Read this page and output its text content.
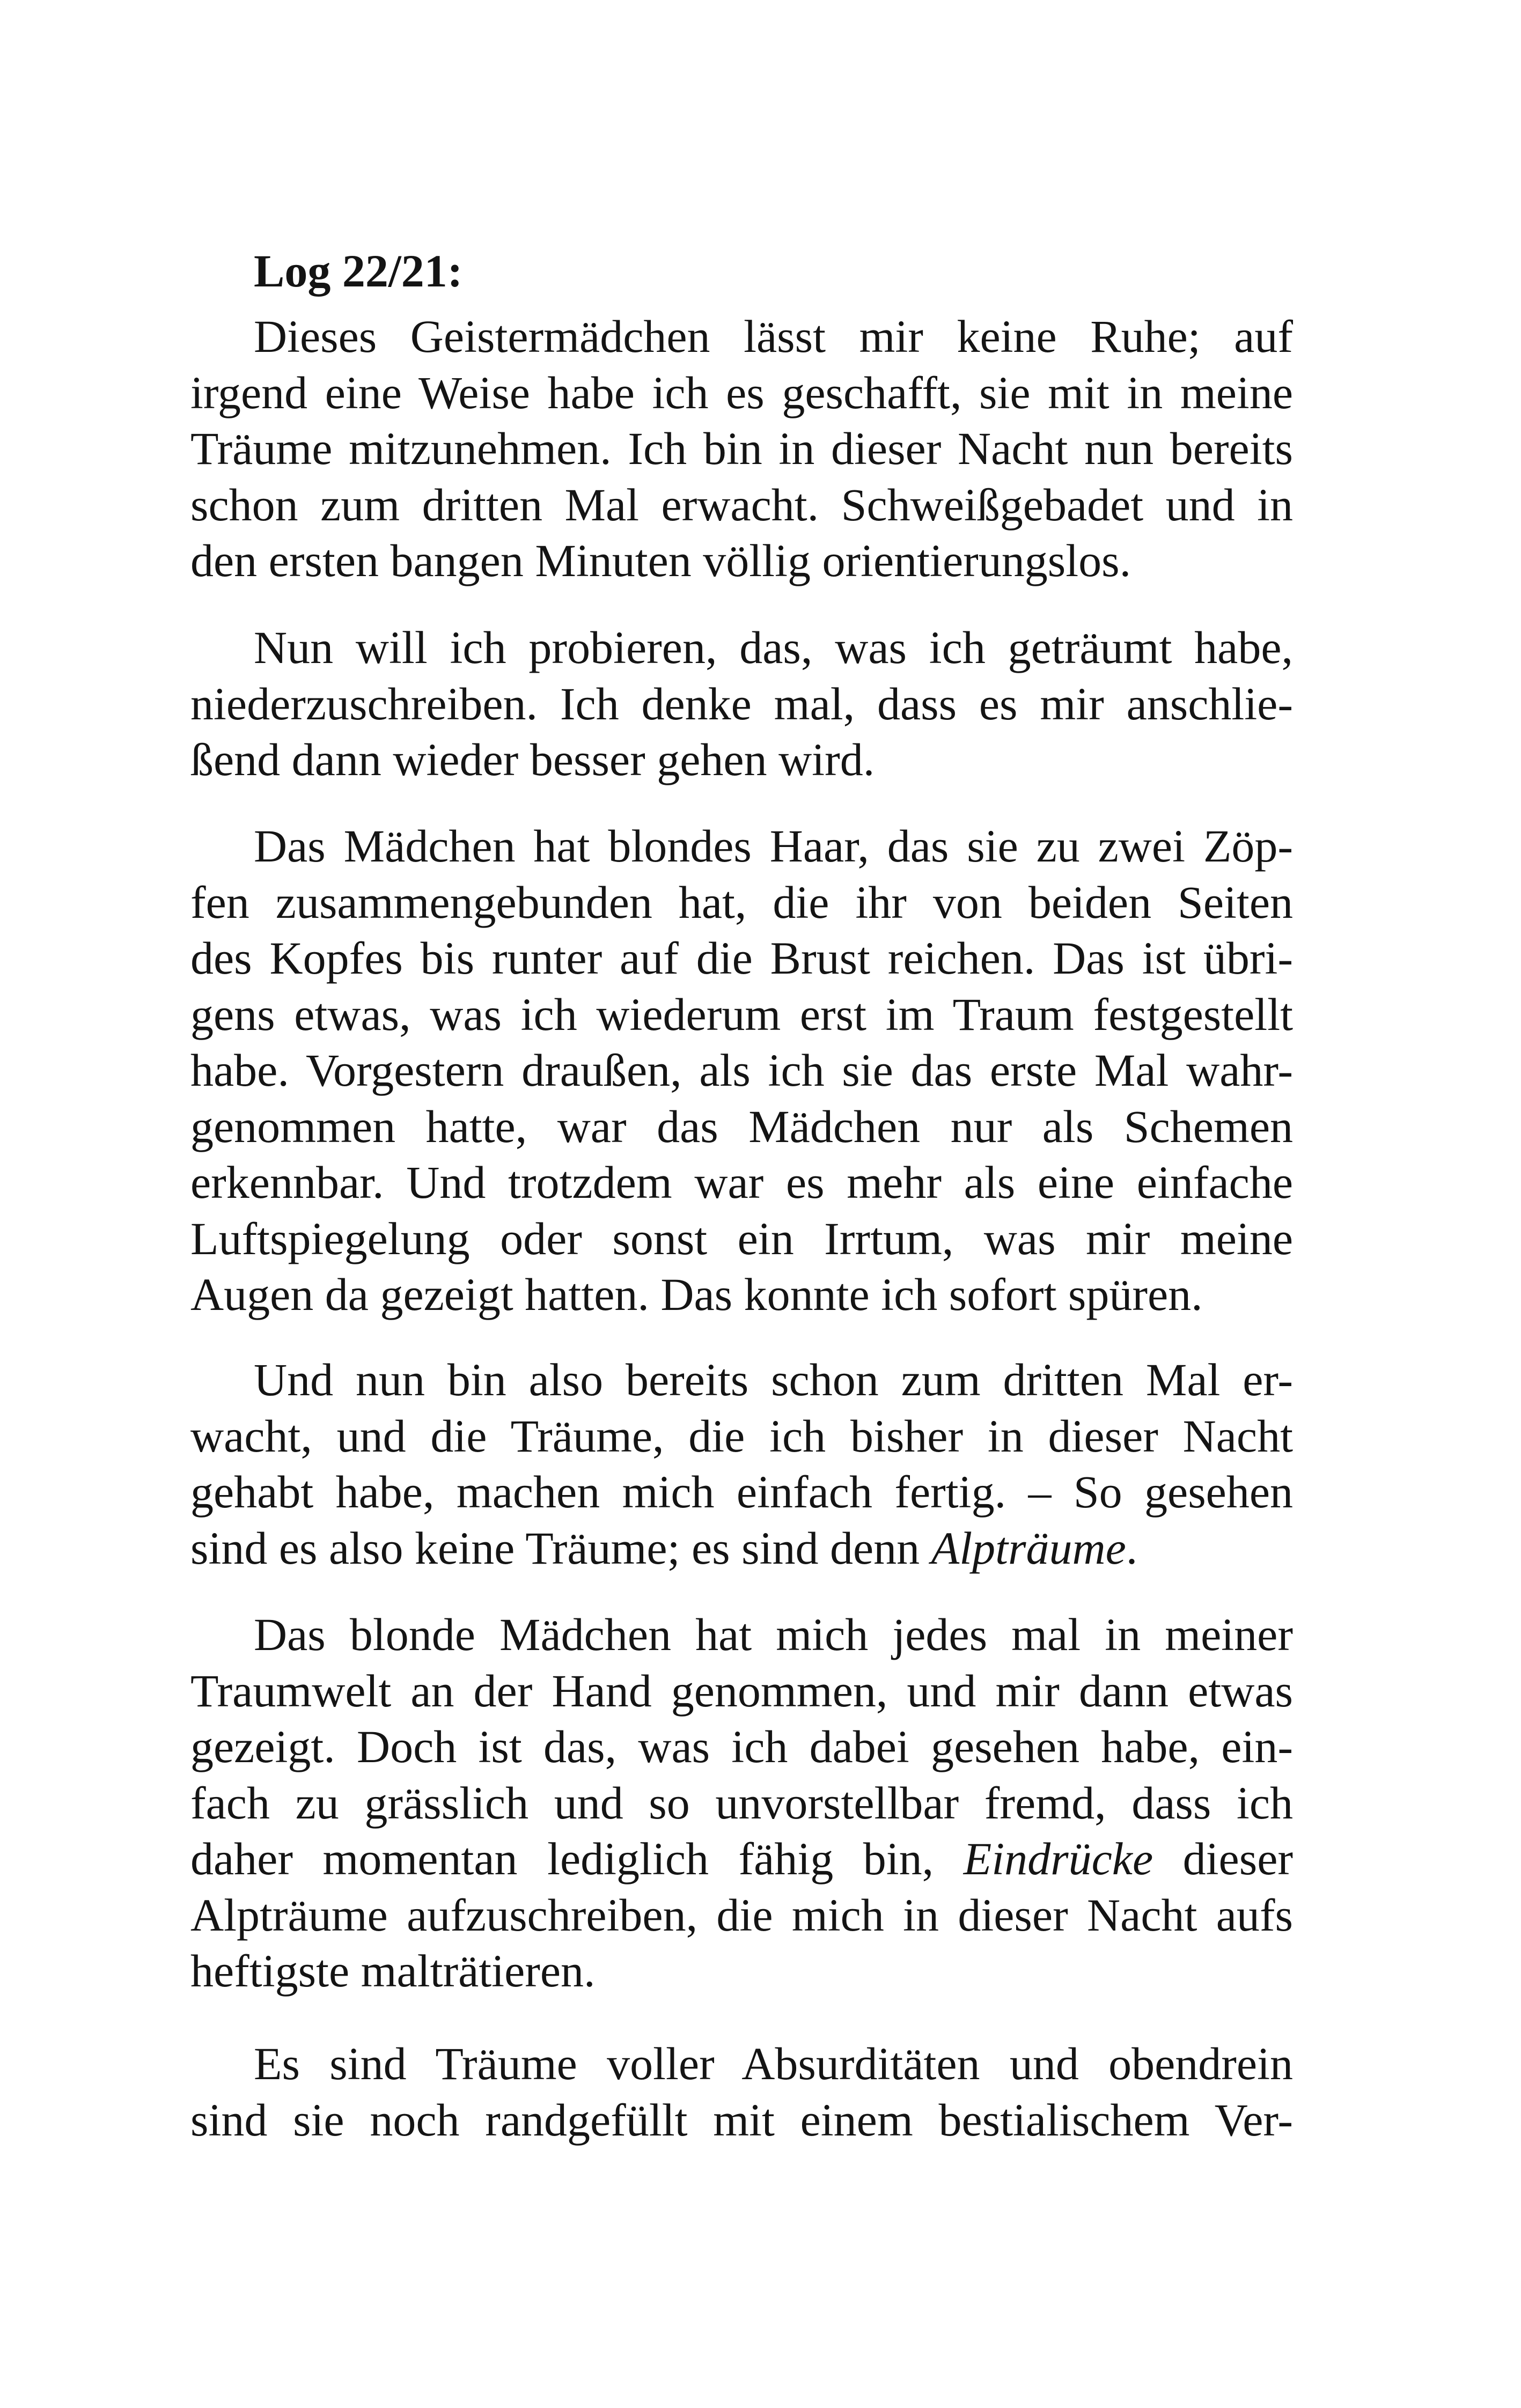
Log 22/21:

Dieses Geistermädchen lässt mir keine Ruhe; auf
irgend eine Weise habe ich es geschafft, sie mit in meine
Träume mitzunehmen. Ich bin in dieser Nacht nun bereits
schon zum dritten Mal erwacht. Schweißgebadet und in
den ersten bangen Minuten völlig orientierungslos.

Nun will ich probieren, das, was ich geträumt habe,
niederzuschreiben. Ich denke mal, dass es mir anschlie-
ßend dann wieder besser gehen wird.

Das Mädchen hat blondes Haar, das sie zu zwei Zöp-
fen zusammengebunden hat, die ihr von beiden Seiten
des Kopfes bis runter auf die Brust reichen. Das ist übri-
gens etwas, was ich wiederum erst im Traum festgestellt
habe. Vorgestern draußen, als ich sie das erste Mal wahr-
genommen hatte, war das Mädchen nur als Schemen
erkennbar. Und trotzdem war es mehr als eine einfache
Luftspiegelung oder sonst ein Irrtum, was mir meine
Augen da gezeigt hatten. Das konnte ich sofort spüren.

Und nun bin also bereits schon zum dritten Mal er-
wacht, und die Träume, die ich bisher in dieser Nacht
gehabt habe, machen mich einfach fertig. – So gesehen
sind es also keine Träume; es sind denn Alpträume.

Das blonde Mädchen hat mich jedes mal in meiner
Traumwelt an der Hand genommen, und mir dann etwas
gezeigt. Doch ist das, was ich dabei gesehen habe, ein-
fach zu grässlich und so unvorstellbar fremd, dass ich
daher momentan lediglich fähig bin, Eindrücke dieser
Alpträume aufzuschreiben, die mich in dieser Nacht aufs
heftigste malträtieren.

Es sind Träume voller Absurditäten und obendrein
sind sie noch randgefüllt mit einem bestialischem Ver-
